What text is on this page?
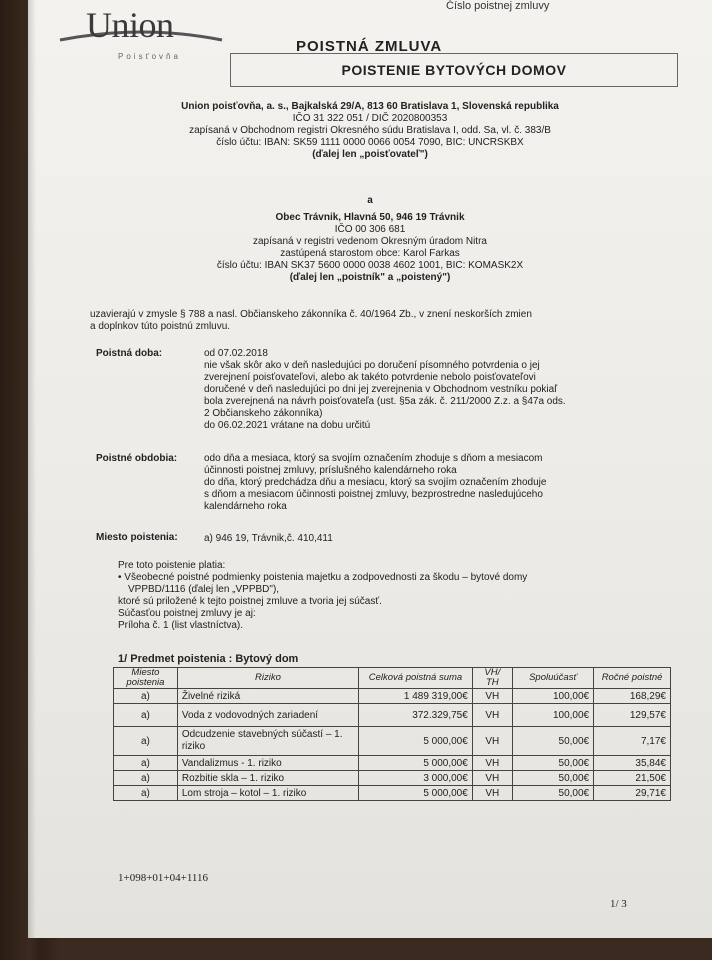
Číslo poistnej zmluvy
Union
Poisťovňa
POISTNÁ ZMLUVA
POISTENIE BYTOVÝCH DOMOV
Union poisťovňa, a. s., Bajkalská 29/A, 813 60 Bratislava 1, Slovenská republika
IČO 31 322 051 / DIČ 2020800353
zapísaná v Obchodnom registri Okresného súdu Bratislava I, odd. Sa, vl. č. 383/B
číslo účtu: IBAN: SK59 1111 0000 0066 0054 7090, BIC: UNCRSKBX
(ďalej len „poisťovateľ")
a
Obec Trávnik, Hlavná 50, 946 19 Trávnik
IČO 00 306 681
zapísaná v registri vedenom Okresným úradom Nitra
zastúpená starostom obce: Karol Farkas
číslo účtu: IBAN SK37 5600 0000 0038 4602 1001, BIC: KOMASK2X
(ďalej len „poistník" a „poistený")
uzavierajú v zmysle § 788 a nasl. Občianskeho zákonníka č. 40/1964 Zb., v znení neskorších zmien
a doplnkov túto poistnú zmluvu.
Poistná doba:	od 07.02.2018
nie však skôr ako v deň nasledujúci po doručení písomného potvrdenia o jej
zverejnení poisťovateľovi, alebo ak takéto potvrdenie nebolo poisťovateľovi
doručené v deň nasledujúci po dni jej zverejnenia v Obchodnom vestníku pokiaľ
bola zverejnená na návrh poisťovateľa (ust. §5a zák. č. 211/2000 Z.z. a §47a ods.
2 Občianskeho zákonníka)
do 06.02.2021 vrátane na dobu určitú
Poistné obdobia:	odo dňa a mesiaca, ktorý sa svojím označením zhoduje s dňom a mesiacom
účinnosti poistnej zmluvy, príslušného kalendárneho roka
do dňa, ktorý predchádza dňu a mesiacu, ktorý sa svojím označením zhoduje
s dňom a mesiacom účinnosti poistnej zmluvy, bezprostredne nasledujúceho
kalendárneho roka
Miesto poistenia:	a) 946 19, Trávnik,č. 410,411
Pre toto poistenie platia:
• Všeobecné poistné podmienky poistenia majetku a zodpovednosti za škodu – bytové domy
VPPBD/1116 (ďalej len „VPPBD"),
ktoré sú priložené k tejto poistnej zmluve a tvoria jej súčasť.
Súčasťou poistnej zmluvy je aj:
Príloha č. 1 (list vlastníctva).
1/ Predmet poistenia : Bytový dom
Miesto poistenia	Riziko	Celková poistná suma	VH/ TH	Spoluúčasť	Ročné poistné
a)	Živelné riziká	1 489 319,00€	VH	100,00€	168,29€
a)	Voda z vodovodných zariadení	372.329,75€	VH	100,00€	129,57€
a)	Odcudzenie stavebných súčastí – 1. riziko	5 000,00€	VH	50,00€	7,17€
a)	Vandalizmus - 1. riziko	5 000,00€	VH	50,00€	35,84€
a)	Rozbitie skla – 1. riziko	3 000,00€	VH	50,00€	21,50€
a)	Lom stroja – kotol – 1. riziko	5 000,00€	VH	50,00€	29,71€
1+098+01+04+1116
1/ 3
